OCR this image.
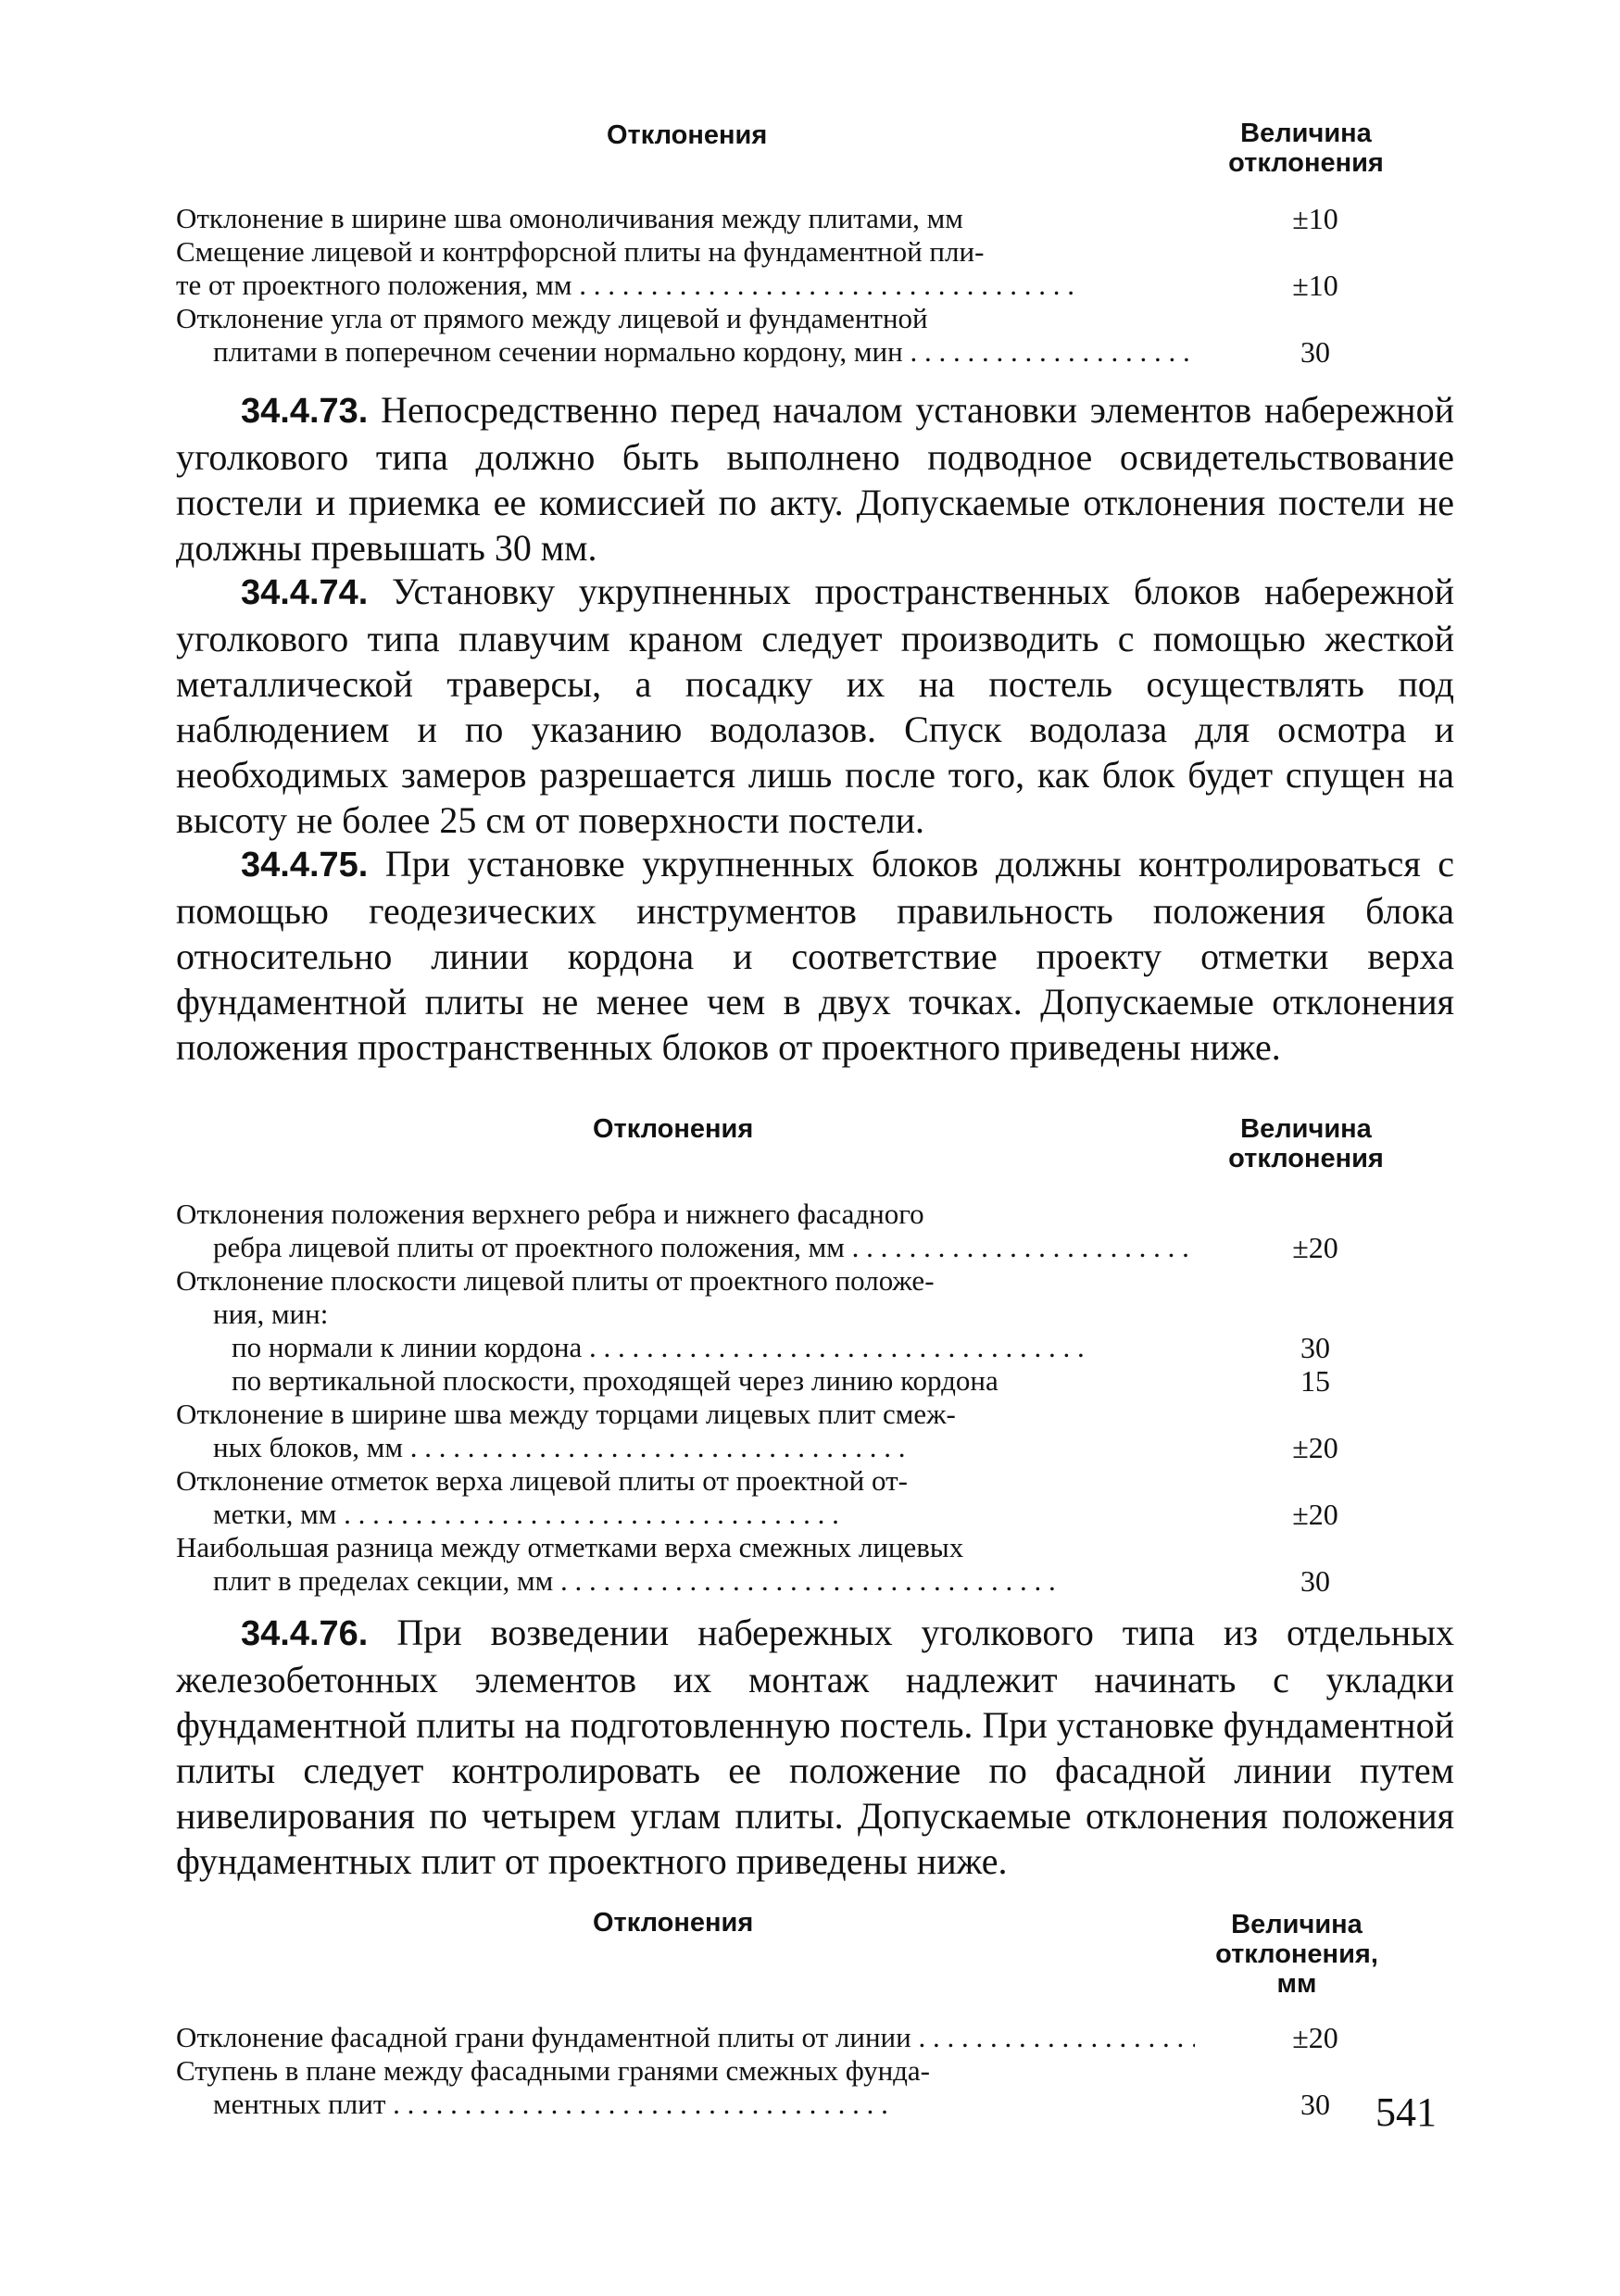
Отклонения	Величина
отклонения
Отклонение в ширине шва омоноличивания между плитами, мм	±10
Смещение лицевой и контрфорсной плиты на фундаментной пли-
те от проектного положения, мм . . .	±10
Отклонение угла от прямого между лицевой и фундаментной
плитами в поперечном сечении нормально кордону, мин . . .	30

34.4.73. Непосредственно перед началом установки элементов набережной уголкового типа должно быть выполнено подводное освидетельствование постели и приемка ее комиссией по акту. Допускаемые отклонения постели не должны превышать 30 мм.

34.4.74. Установку укрупненных пространственных блоков набережной уголкового типа плавучим краном следует производить с помощью жесткой металлической траверсы, а посадку их на постель осуществлять под наблюдением и по указанию водолазов. Спуск водолаза для осмотра и необходимых замеров разрешается лишь после того, как блок будет спущен на высоту не более 25 см от поверхности постели.

34.4.75. При установке укрупненных блоков должны контролироваться с помощью геодезических инструментов правильность положения блока относительно линии кордона и соответствие проекту отметки верха фундаментной плиты не менее чем в двух точках. Допускаемые отклонения положения пространственных блоков от проектного приведены ниже.

Отклонения	Величина
отклонения
Отклонения положения верхнего ребра и нижнего фасадного
ребра лицевой плиты от проектного положения, мм . . .	±20
Отклонение плоскости лицевой плиты от проектного положе-
ния, мин:
по нормали к линии кордона . . .	30
по вертикальной плоскости, проходящей через линию кордона	15
Отклонение в ширине шва между торцами лицевых плит смеж-
ных блоков, мм . . .	±20
Отклонение отметок верха лицевой плиты от проектной от-
метки, мм . . .	±20
Наибольшая разница между отметками верха смежных лицевых
плит в пределах секции, мм . . .	30

34.4.76. При возведении набережных уголкового типа из отдельных железобетонных элементов их монтаж надлежит начинать с укладки фундаментной плиты на подготовленную постель. При установке фундаментной плиты следует контролировать ее положение по фасадной линии путем нивелирования по четырем углам плиты. Допускаемые отклонения положения фундаментных плит от проектного приведены ниже.

Отклонения	Величина
отклонения,
мм
Отклонение фасадной грани фундаментной плиты от линии . . .	±20
Ступень в плане между фасадными гранями смежных фунда-
ментных плит . . .	30	541
